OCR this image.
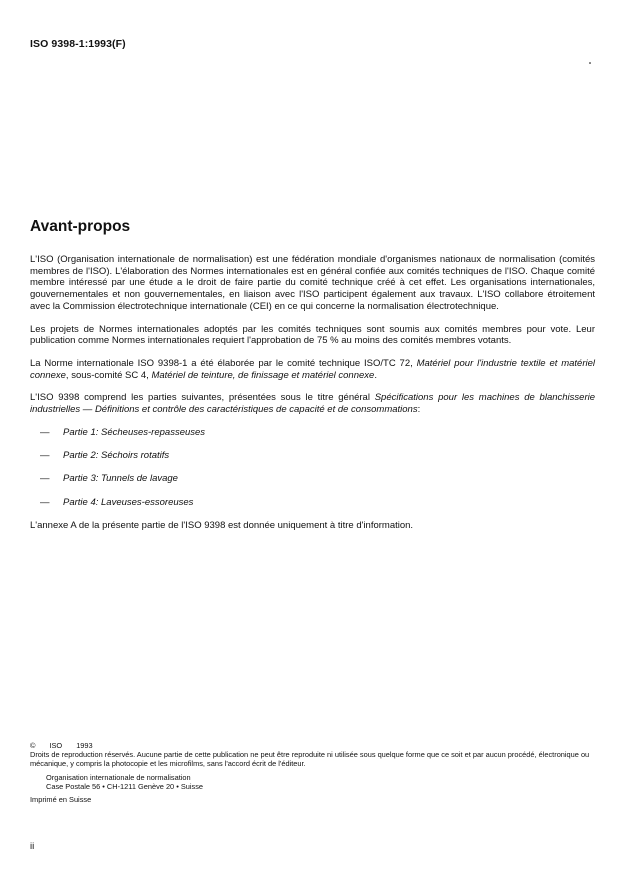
ISO 9398-1:1993(F)
Avant-propos

L'ISO (Organisation internationale de normalisation) est une fédération mondiale d'organismes nationaux de normalisation (comités membres de l'ISO). L'élaboration des Normes internationales est en général confiée aux comités techniques de l'ISO. Chaque comité membre intéressé par une étude a le droit de faire partie du comité technique créé à cet effet. Les organisations internationales, gouvernementales et non gouvernementales, en liaison avec l'ISO participent également aux travaux. L'ISO collabore étroitement avec la Commission électrotechnique internationale (CEI) en ce qui concerne la normalisation électrotechnique.

Les projets de Normes internationales adoptés par les comités techniques sont soumis aux comités membres pour vote. Leur publication comme Normes internationales requiert l'approbation de 75 % au moins des comités membres votants.

La Norme internationale ISO 9398-1 a été élaborée par le comité technique ISO/TC 72, Matériel pour l'industrie textile et matériel connexe, sous-comité SC 4, Matériel de teinture, de finissage et matériel connexe.

L'ISO 9398 comprend les parties suivantes, présentées sous le titre général Spécifications pour les machines de blanchisserie industrielles — Définitions et contrôle des caractéristiques de capacité et de consommations:

— Partie 1: Sécheuses-repasseuses
— Partie 2: Séchoirs rotatifs
— Partie 3: Tunnels de lavage
— Partie 4: Laveuses-essoreuses

L'annexe A de la présente partie de l'ISO 9398 est donnée uniquement à titre d'information.

© ISO 1993
Droits de reproduction réservés. Aucune partie de cette publication ne peut être reproduite ni utilisée sous quelque forme que ce soit et par aucun procédé, électronique ou mécanique, y compris la photocopie et les microfilms, sans l'accord écrit de l'éditeur.
Organisation internationale de normalisation
Case Postale 56 • CH-1211 Genève 20 • Suisse
Imprimé en Suisse
ii
